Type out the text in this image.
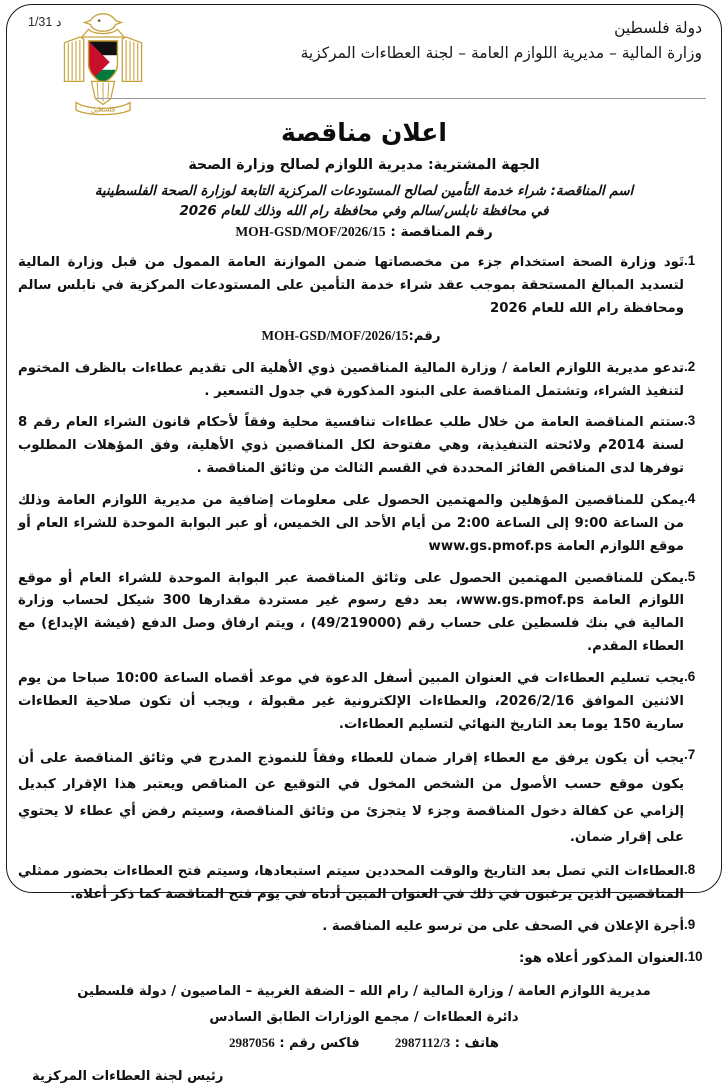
د 1/31
فلسطين
دولة فلسطين
وزارة المالية – مديرية اللوازم العامة – لجنة العطاءات المركزية
اعلان مناقصة
الجهة المشترية: مديرية اللوازم لصالح وزارة الصحة
اسم المناقصة: شراء خدمة التأمين لصالح المستودعات المركزية التابعة لوزارة الصحة الفلسطينية
في محافظة نابلس/سالم وفي محافظة رام الله وذلك للعام 2026
رقم المناقصة : MOH-GSD/MOF/2026/15
.1
تَود وزارة الصحة استخدام جزء من مخصصاتها ضمن الموازنة العامة الممول من قبل وزارة المالية لتسديد المبالغ المستحقة بموجب عقد شراء خدمة التأمين على المستودعات المركزية في نابلس سالم ومحافظة رام الله للعام 2026
رقم:MOH-GSD/MOF/2026/15
.2
تدعو مديرية اللوازم العامة / وزارة المالية المناقصين ذوي الأهلية الى تقديم عطاءات بالظرف المختوم لتنفيذ الشراء، وتشتمل المناقصة على البنود المذكورة في جدول التسعير .
.3
ستتم المناقصة العامة من خلال طلب عطاءات تنافسية محلية وفقاً لأحكام قانون الشراء العام رقم 8 لسنة 2014م ولائحته التنفيذية، وهي مفتوحة لكل المناقصين ذوي الأهلية، وفق المؤهلات المطلوب توفرها لدى المناقص الفائز المحددة في القسم الثالث من وثائق المناقصة .
.4
يمكن للمناقصين المؤهلين والمهتمين الحصول على معلومات إضافية من مديرية اللوازم العامة وذلك من الساعة 9:00 إلى الساعة 2:00 من أيام الأحد الى الخميس، أو عبر البوابة الموحدة للشراء العام أو موقع اللوازم العامة www.gs.pmof.ps
.5
يمكن للمناقصين المهتمين الحصول على وثائق المناقصة عبر البوابة الموحدة للشراء العام أو موقع اللوازم العامة www.gs.pmof.ps، بعد دفع رسوم غير مستردة مقدارها 300 شيكل لحساب وزارة المالية في بنك فلسطين على حساب رقم (49/219000) ، ويتم ارفاق وصل الدفع (فيشة الإيداع) مع العطاء المقدم.
.6
يجب تسليم العطاءات في العنوان المبين أسفل الدعوة في موعد أقصاه الساعة 10:00 صباحا من يوم الاثنين الموافق 2026/2/16، والعطاءات الإلكترونية غير مقبولة ، ويجب أن تكون صلاحية العطاءات سارية 150 يوما بعد التاريخ النهائي لتسليم العطاءات.
.7
يجب أن يكون يرفق مع العطاء إقرار ضمان للعطاء وفقاً للنموذج المدرج في وثائق المناقصة على أن يكون موقع حسب الأصول من الشخص المخول في التوقيع عن المناقص ويعتبر هذا الإقرار كبديل إلزامي عن كفالة دخول المناقصة وجزء لا يتجزئ من وثائق المناقصة، وسيتم رفض أي عطاء لا يحتوي على إقرار ضمان.
.8
العطاءات التي تصل بعد التاريخ والوقت المحددين سيتم استبعادها، وسيتم فتح العطاءات بحضور ممثلي المناقصين الذين يرغبون في ذلك في العنوان المبين أدناه في يوم فتح المناقصة كما ذكر أعلاه.
.9
أجرة الإعلان في الصحف على من ترسو عليه المناقصة .
.10
العنوان المذكور أعلاه هو:
مديرية اللوازم العامة / وزارة المالية / رام الله – الضفة الغربية – الماصيون / دولة فلسطين
دائرة العطاءات / مجمع الوزارات الطابق السادس
هاتف : 2987112/3  فاكس رقم : 2987056
رئيس لجنة العطاءات المركزية
